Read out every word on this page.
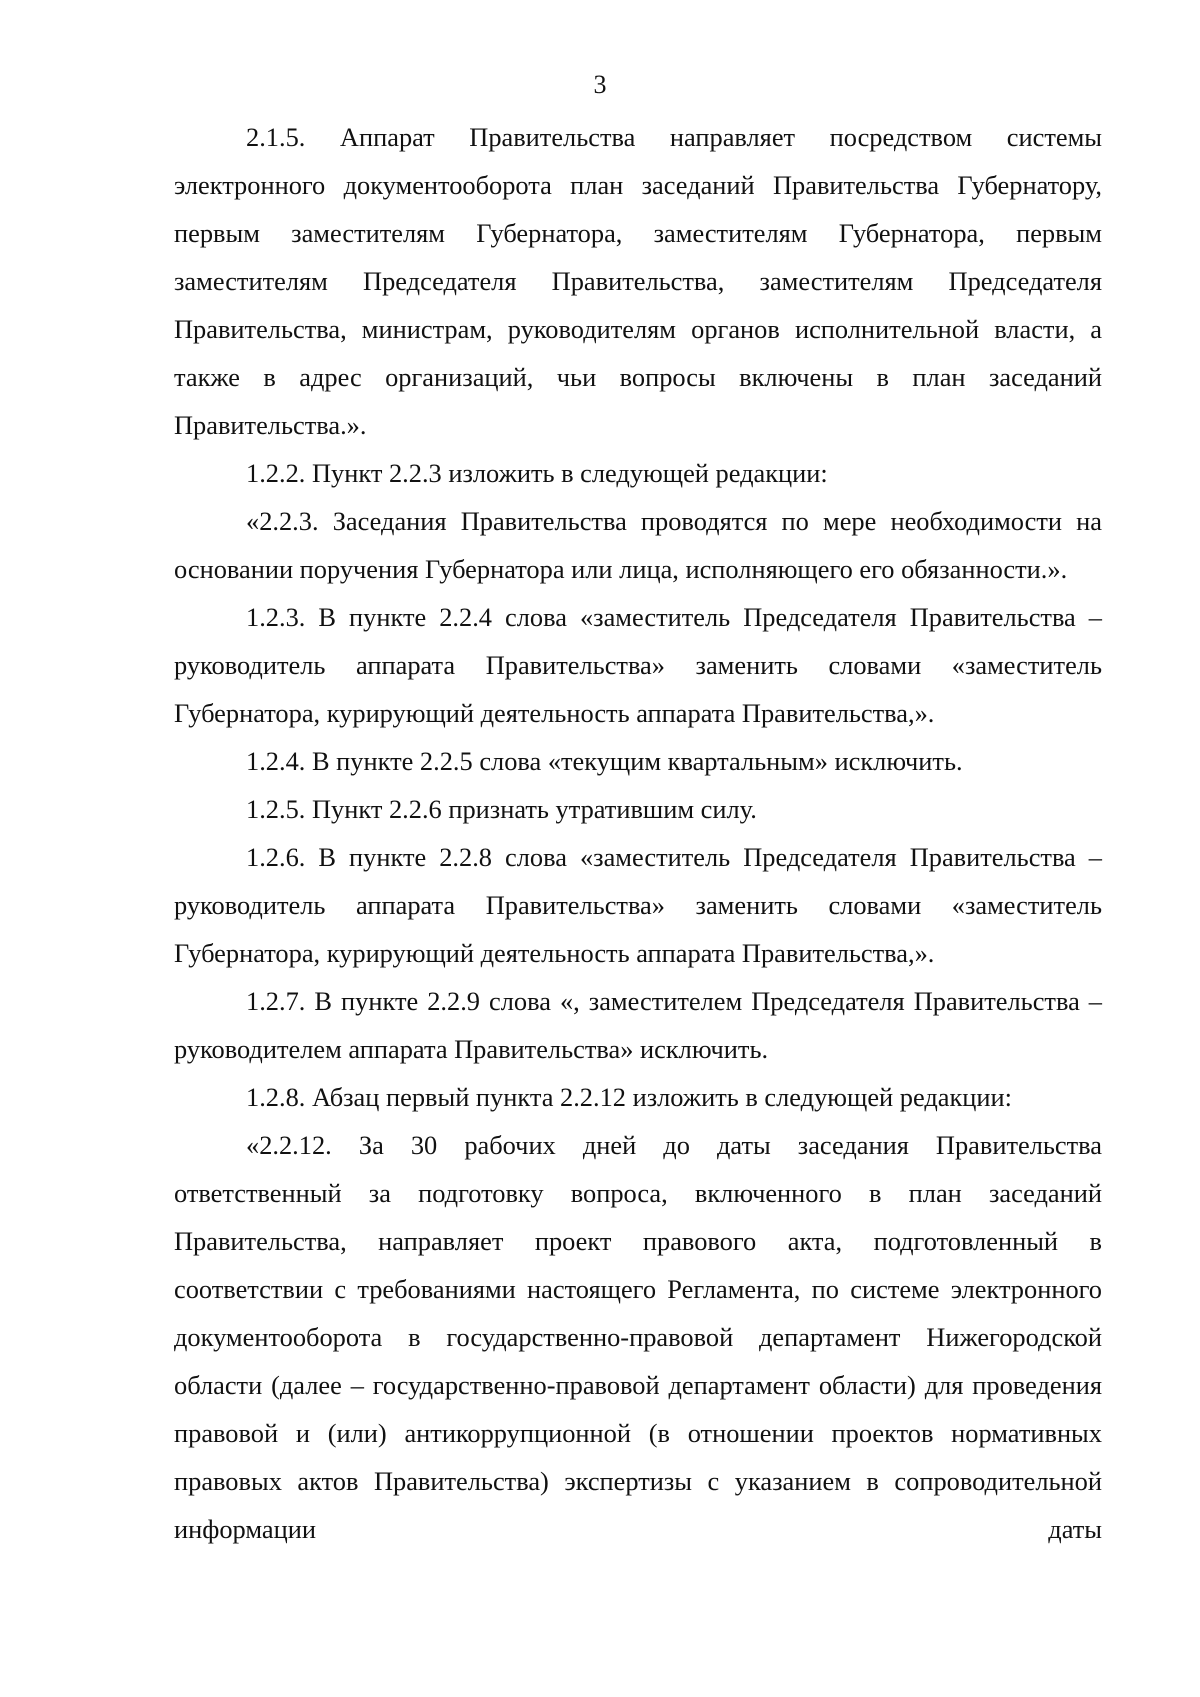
3

2.1.5. Аппарат Правительства направляет посредством системы электронного документооборота план заседаний Правительства Губернатору, первым заместителям Губернатора, заместителям Губернатора, первым заместителям Председателя Правительства, заместителям Председателя Правительства, министрам, руководителям органов исполнительной власти, а также в адрес организаций, чьи вопросы включены в план заседаний Правительства.».

1.2.2. Пункт 2.2.3 изложить в следующей редакции:

«2.2.3. Заседания Правительства проводятся по мере необходимости на основании поручения Губернатора или лица, исполняющего его обязанности.».

1.2.3. В пункте 2.2.4 слова «заместитель Председателя Правительства – руководитель аппарата Правительства» заменить словами «заместитель Губернатора, курирующий деятельность аппарата Правительства,».

1.2.4. В пункте 2.2.5 слова «текущим квартальным» исключить.

1.2.5. Пункт 2.2.6 признать утратившим силу.

1.2.6. В пункте 2.2.8 слова «заместитель Председателя Правительства – руководитель аппарата Правительства» заменить словами «заместитель Губернатора, курирующий деятельность аппарата Правительства,».

1.2.7. В пункте 2.2.9 слова «, заместителем Председателя Правительства – руководителем аппарата Правительства» исключить.

1.2.8. Абзац первый пункта 2.2.12 изложить в следующей редакции:

«2.2.12. За 30 рабочих дней до даты заседания Правительства ответственный за подготовку вопроса, включенного в план заседаний Правительства, направляет проект правового акта, подготовленный в соответствии с требованиями настоящего Регламента, по системе электронного документооборота в государственно-правовой департамент Нижегородской области (далее – государственно-правовой департамент области) для проведения правовой и (или) антикоррупционной (в отношении проектов нормативных правовых актов Правительства) экспертизы с указанием в сопроводительной информации даты
